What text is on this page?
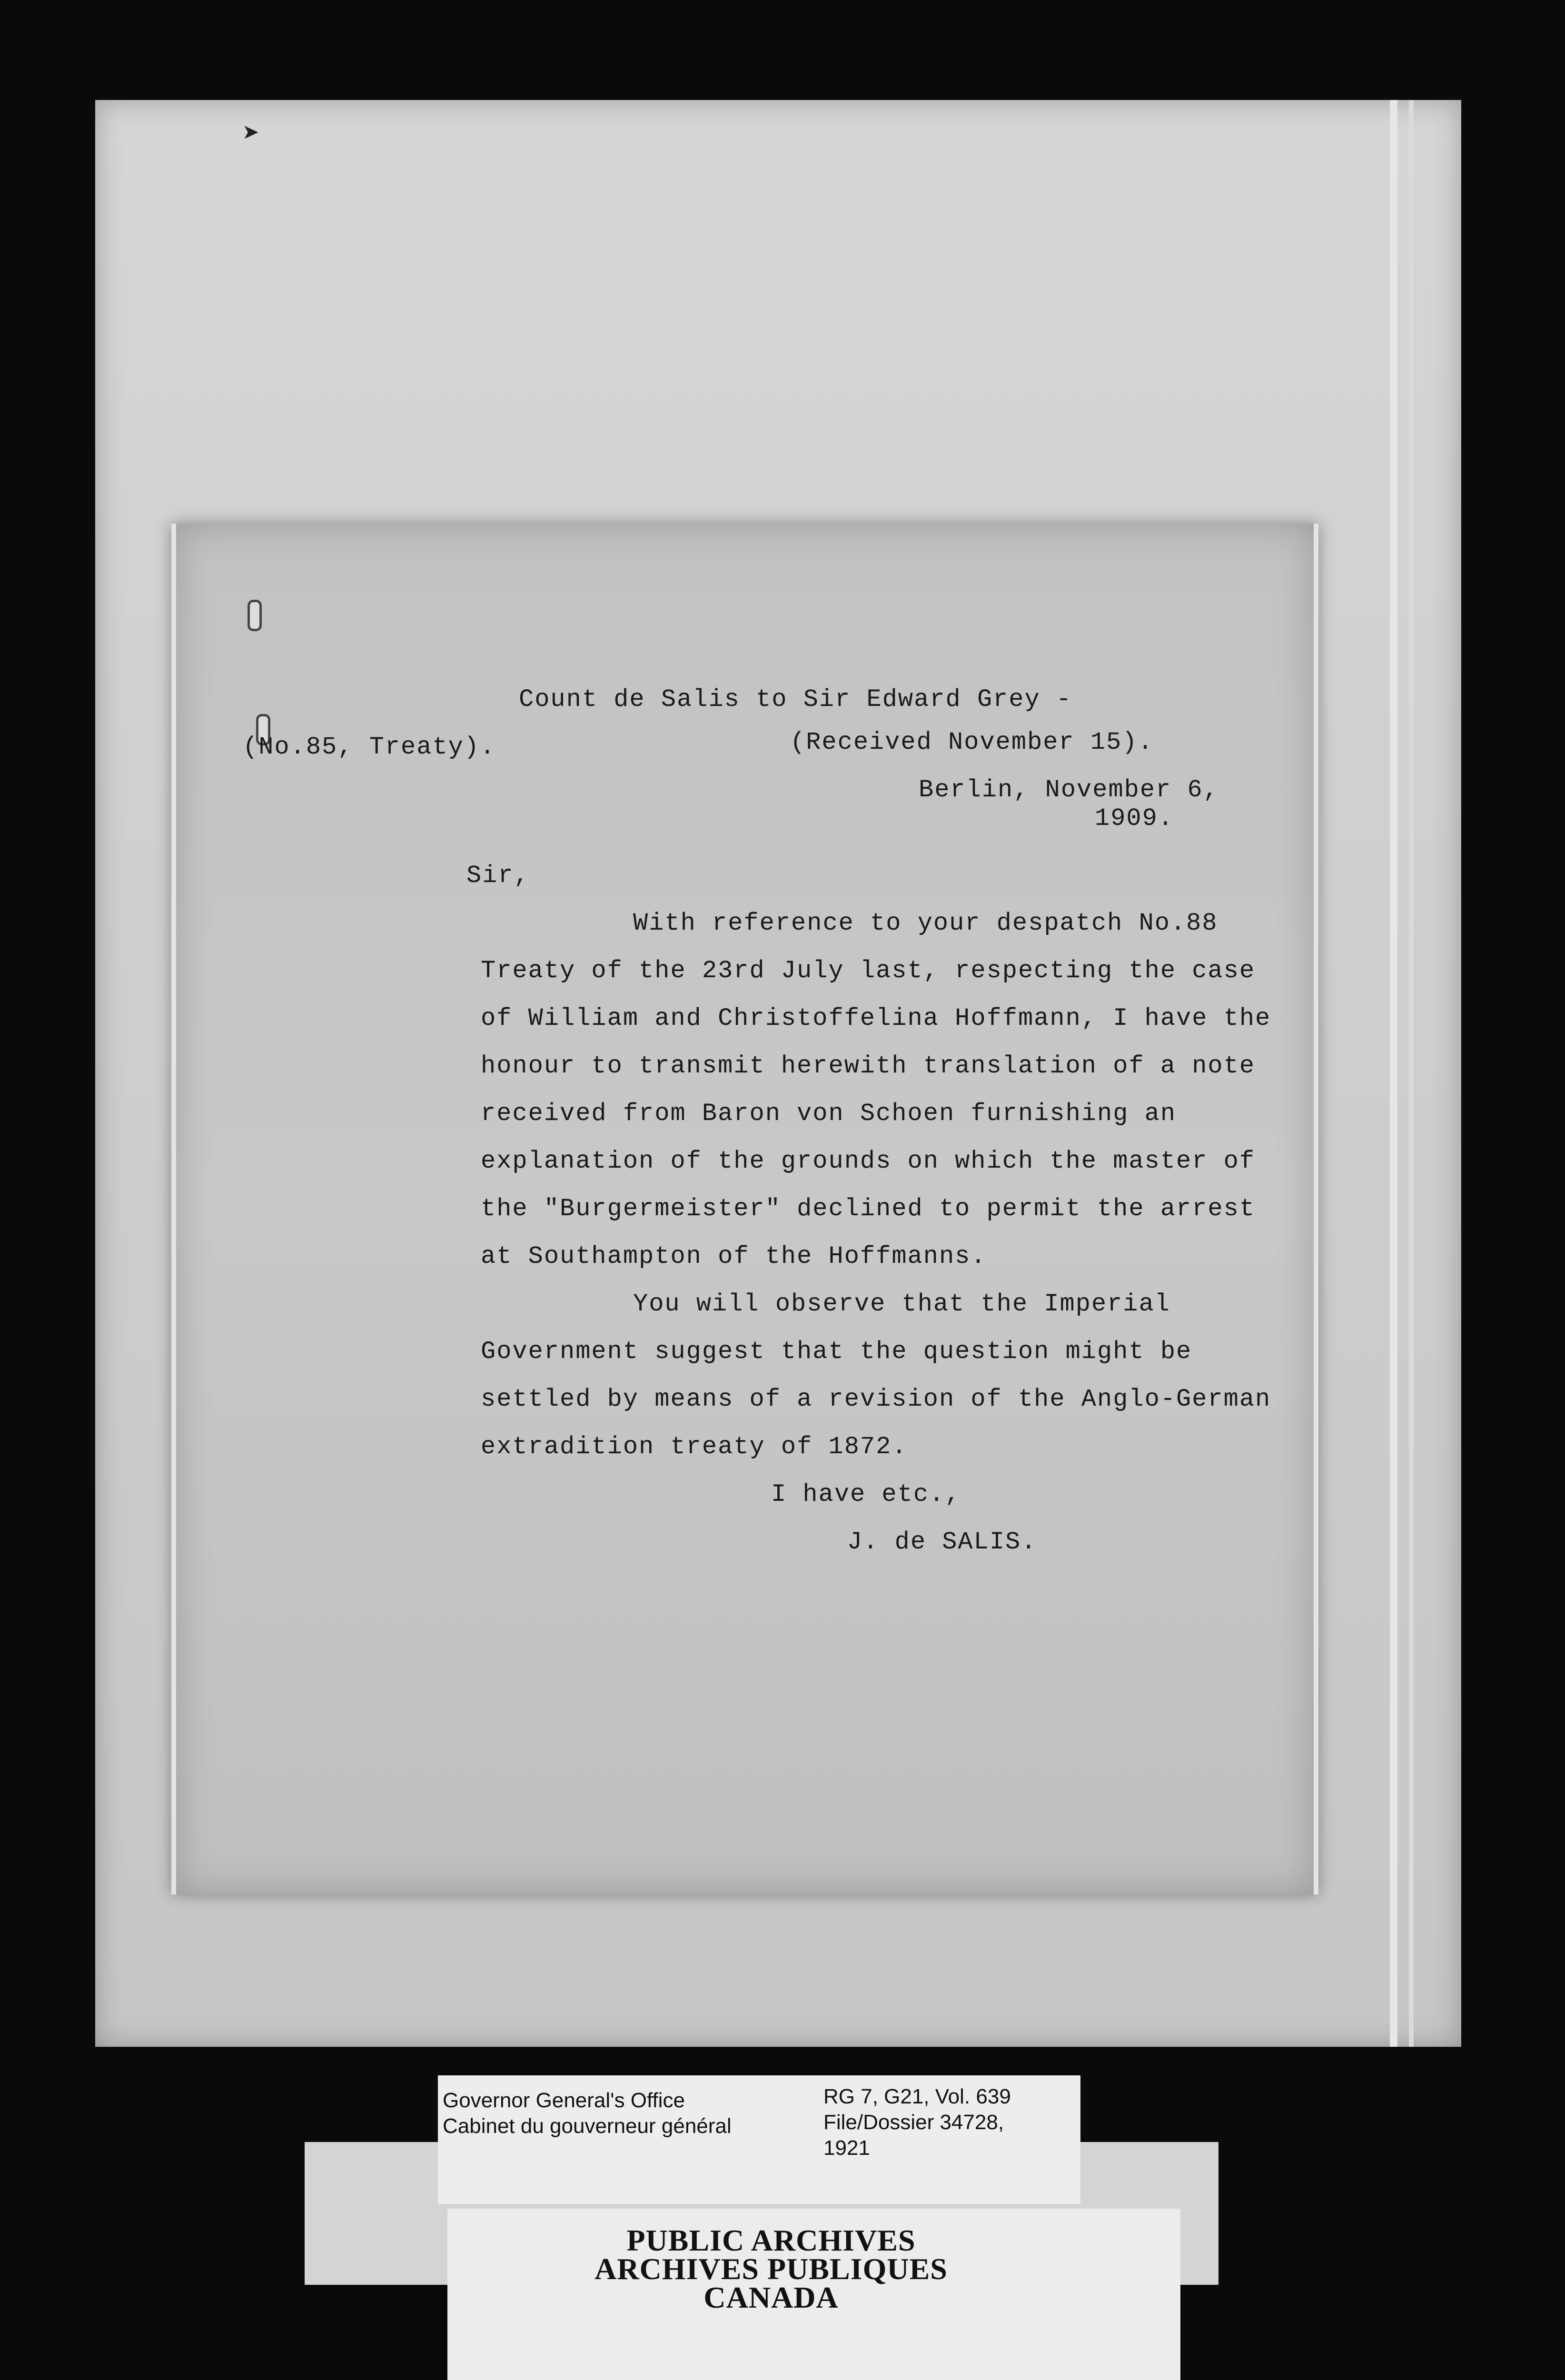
➤
Count de Salis to Sir Edward Grey -
(No.85, Treaty).	(Received November 15).
Berlin, November 6,
1909.
Sir,
With reference to your despatch No.88
Treaty of the 23rd July last, respecting the case
of William and Christoffelina Hoffmann, I have the
honour to transmit herewith translation of a note
received from Baron von Schoen furnishing an
explanation of the grounds on which the master of
the "Burgermeister" declined to permit the arrest
at Southampton of the Hoffmanns.
You will observe that the Imperial
Government suggest that the question might be
settled by means of a revision of the Anglo-German
extradition treaty of 1872.
I have etc.,
J. de SALIS.
Governor General's Office
Cabinet du gouverneur général
RG 7, G21, Vol. 639
File/Dossier 34728,
1921
PUBLIC ARCHIVES
ARCHIVES PUBLIQUES
CANADA
